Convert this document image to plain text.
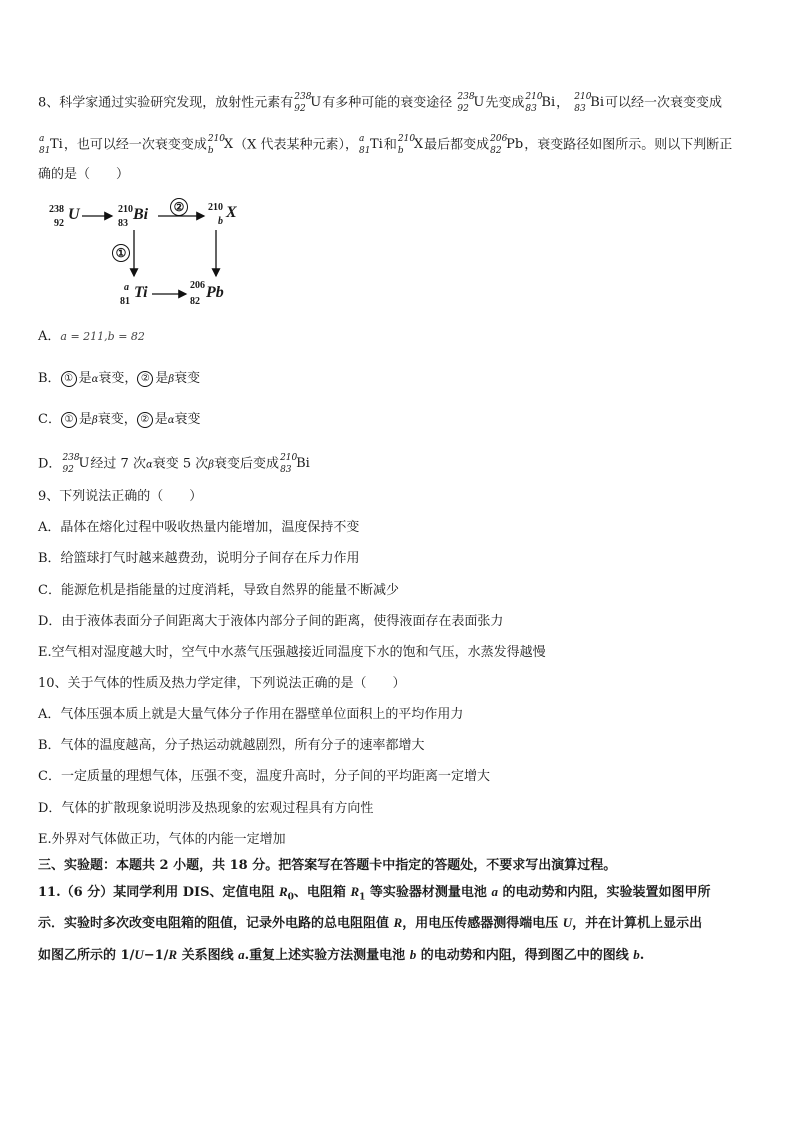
8、科学家通过实验研究发现，放射性元素有 238
92 U有多种可能的衰变途径 238
92 U先变成 210
83 Bi， 210
83 Bi可以经一次衰变变成
a
81 Ti，也可以经一次衰变变成 210
b X（X 代表某种元素）， a
81 Ti和 210
b X最后都变成 206
82 Pb，衰变路径如图所示。则以下判断正
确的是（　　）
238
92
U	210
83
Bi	②	210
b
X
①
a
81
Ti	206
82
Pb
A．a = 211,b = 82
B． ① 是α衰变， ② 是β衰变
C． ① 是β衰变， ② 是α衰变
D． 238
92 U经过 7 次α衰变 5 次β衰变后变成 210
83 Bi
9、下列说法正确的（　　）
A．晶体在熔化过程中吸收热量内能增加，温度保持不变
B．给篮球打气时越来越费劲，说明分子间存在斥力作用
C．能源危机是指能量的过度消耗，导致自然界的能量不断减少
D．由于液体表面分子间距离大于液体内部分子间的距离，使得液面存在表面张力
E.空气相对湿度越大时，空气中水蒸气压强越接近同温度下水的饱和气压，水蒸发得越慢
10、关于气体的性质及热力学定律，下列说法正确的是（　　）
A．气体压强本质上就是大量气体分子作用在器壁单位面积上的平均作用力
B．气体的温度越高，分子热运动就越剧烈，所有分子的速率都增大
C．一定质量的理想气体，压强不变，温度升高时，分子间的平均距离一定增大
D．气体的扩散现象说明涉及热现象的宏观过程具有方向性
E.外界对气体做正功，气体的内能一定增加
三、实验题：本题共 2 小题，共 18 分。把答案写在答题卡中指定的答题处，不要求写出演算过程。
11.（6 分）某同学利用 DIS、定值电阻 $R_0$、电阻箱 $R_1$ 等实验器材测量电池 a 的电动势和内阻，实验装置如图甲所
示．实验时多次改变电阻箱的阻值，记录外电路的总电阻阻值 R，用电压传感器测得端电压 U，并在计算机上显示出
如图乙所示的 1/U−1/R 关系图线 a.重复上述实验方法测量电池 b 的电动势和内阻，得到图乙中的图线 b.
